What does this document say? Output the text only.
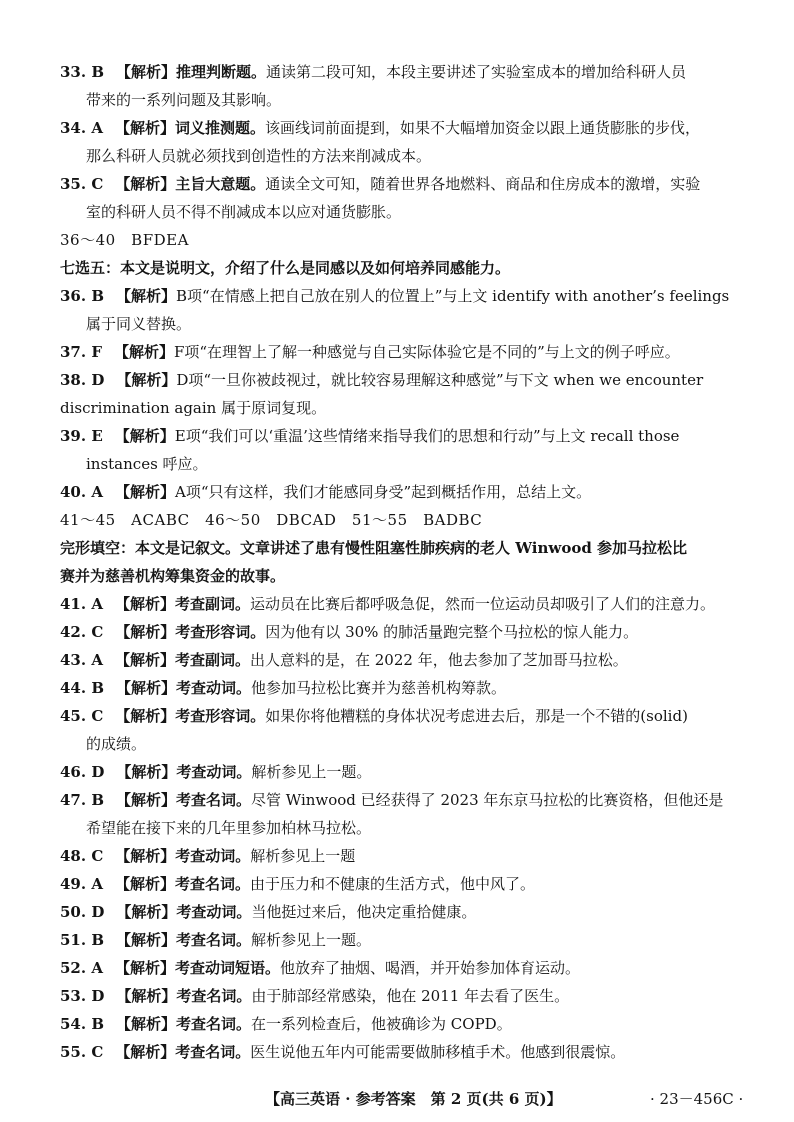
33. B 【解析】推理判断题。通读第二段可知，本段主要讲述了实验室成本的增加给科研人员
带来的一系列问题及其影响。
34. A 【解析】词义推测题。该画线词前面提到，如果不大幅增加资金以跟上通货膨胀的步伐，
那么科研人员就必须找到创造性的方法来削减成本。
35. C 【解析】主旨大意题。通读全文可知，随着世界各地燃料、商品和住房成本的激增，实验
室的科研人员不得不削减成本以应对通货膨胀。
36～40　BFDEA
七选五：本文是说明文，介绍了什么是同感以及如何培养同感能力。
36. B 【解析】B项“在情感上把自己放在别人的位置上”与上文 identify with another’s feelings
属于同义替换。
37. F 【解析】F项“在理智上了解一种感觉与自己实际体验它是不同的”与上文的例子呼应。
38. D 【解析】D项“一旦你被歧视过，就比较容易理解这种感觉”与下文 when we encounter
discrimination again 属于原词复现。
39. E 【解析】E项“我们可以‘重温’这些情绪来指导我们的思想和行动”与上文 recall those
instances 呼应。
40. A 【解析】A项“只有这样，我们才能感同身受”起到概括作用，总结上文。
41～45　ACABC　46～50　DBCAD　51～55　BADBC
完形填空：本文是记叙文。文章讲述了患有慢性阻塞性肺疾病的老人 Winwood 参加马拉松比
赛并为慈善机构筹集资金的故事。
41. A 【解析】考查副词。运动员在比赛后都呼吸急促，然而一位运动员却吸引了人们的注意力。
42. C 【解析】考查形容词。因为他有以 30% 的肺活量跑完整个马拉松的惊人能力。
43. A 【解析】考查副词。出人意料的是，在 2022 年，他去参加了芝加哥马拉松。
44. B 【解析】考查动词。他参加马拉松比赛并为慈善机构筹款。
45. C 【解析】考查形容词。如果你将他糟糕的身体状况考虑进去后，那是一个不错的(solid)
的成绩。
46. D 【解析】考查动词。解析参见上一题。
47. B 【解析】考查名词。尽管 Winwood 已经获得了 2023 年东京马拉松的比赛资格，但他还是
希望能在接下来的几年里参加柏林马拉松。
48. C 【解析】考查动词。解析参见上一题
49. A 【解析】考查名词。由于压力和不健康的生活方式，他中风了。
50. D 【解析】考查动词。当他挺过来后，他决定重拾健康。
51. B 【解析】考查名词。解析参见上一题。
52. A 【解析】考查动词短语。他放弃了抽烟、喝酒，并开始参加体育运动。
53. D 【解析】考查名词。由于肺部经常感染，他在 2011 年去看了医生。
54. B 【解析】考查名词。在一系列检查后，他被确诊为 COPD。
55. C 【解析】考查名词。医生说他五年内可能需要做肺移植手术。他感到很震惊。
【高三英语 · 参考答案　第 2 页(共 6 页)】	· 23－456C ·
